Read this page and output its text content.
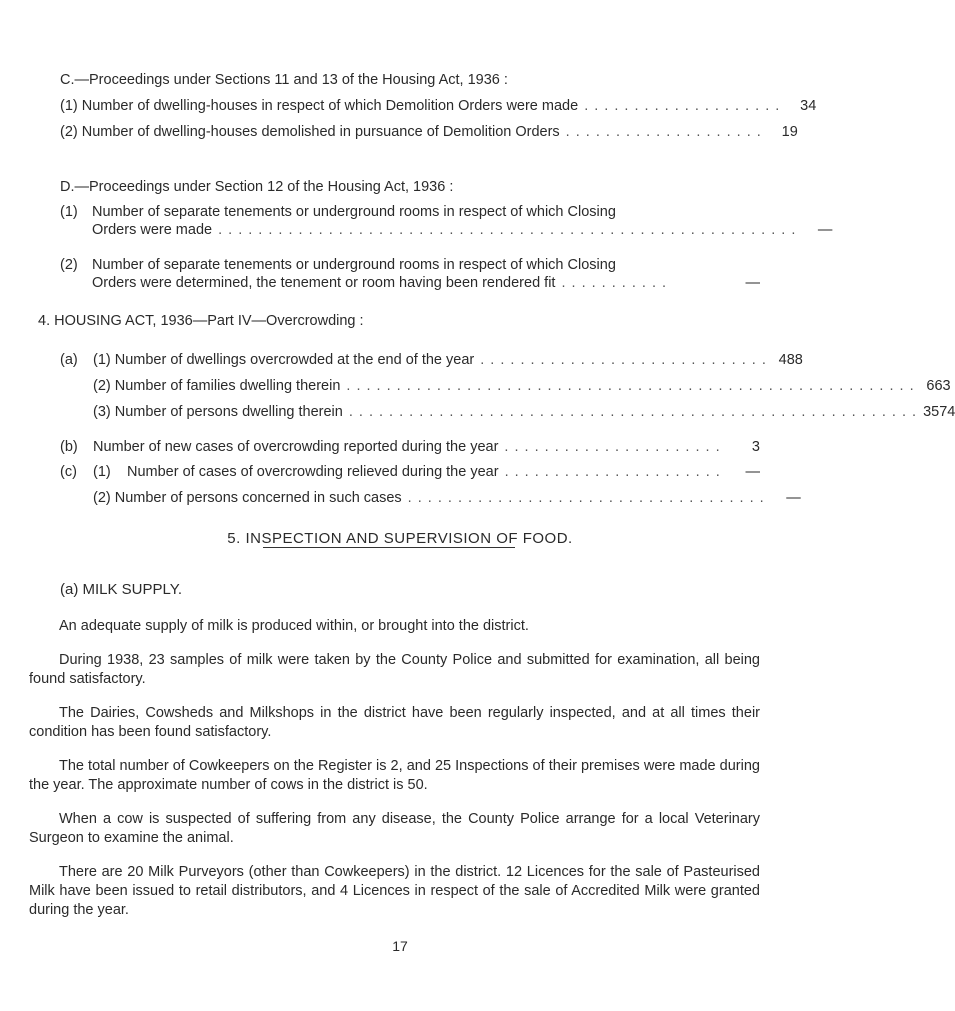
C.—Proceedings under Sections 11 and 13 of the Housing Act, 1936 :
(1) Number of dwelling-houses in respect of which Demolition Orders were made . . . . . . . . . . . . . . . . . . . .	34
(2) Number of dwelling-houses demolished in pursuance of Demolition Orders . . . . . . . . . . . . . . . . . . . .	19
D.—Proceedings under Section 12 of the Housing Act, 1936 :
(1) Number of separate tenements or underground rooms in respect of which Closing
Orders were made . . . . . . . . . . . . . . . . . . . . . . . . . . . . . . . . . . . . . . . . . . . . . . . . . . . . . . . . . .	—
(2) Number of separate tenements or underground rooms in respect of which Closing
Orders were determined, the tenement or room having been rendered fit . . . . . . . . . . .	—
4. HOUSING ACT, 1936—Part IV—Overcrowding :
(a) (1) Number of dwellings overcrowded at the end of the year . . . . . . . . . . . . . . . . . . . . . . . . . . . . . 488
(2) Number of families dwelling therein . . . . . . . . . . . . . . . . . . . . . . . . . . . . . . . . . . . . . . . . . . . . . . . . . . . . . . . . . 663
(3) Number of persons dwelling therein . . . . . . . . . . . . . . . . . . . . . . . . . . . . . . . . . . . . . . . . . . . . . . . . . . . . . . . . . 3574
(b) Number of new cases of overcrowding reported during the year . . . . . . . . . . . . . . . . . . . . . .	3
(c) (1)	Number of cases of overcrowding relieved during the year . . . . . . . . . . . . . . . . . . . . . .	—
(2) Number of persons concerned in such cases . . . . . . . . . . . . . . . . . . . . . . . . . . . . . . . . . . . .	—
5. INSPECTION AND SUPERVISION OF FOOD.
(a) MILK SUPPLY.
An adequate supply of milk is produced within, or brought into the district.
During 1938, 23 samples of milk were taken by the County Police and submitted for examination, all being found satisfactory.
The Dairies, Cowsheds and Milkshops in the district have been regularly inspected, and at all times their condition has been found satisfactory.
The total number of Cowkeepers on the Register is 2, and 25 Inspections of their premises were made during the year. The approximate number of cows in the district is 50.
When a cow is suspected of suffering from any disease, the County Police arrange for a local Veterinary Surgeon to examine the animal.
There are 20 Milk Purveyors (other than Cowkeepers) in the district. 12 Licences for the sale of Pasteurised Milk have been issued to retail distributors, and 4 Licences in respect of the sale of Accredited Milk were granted during the year.
17
